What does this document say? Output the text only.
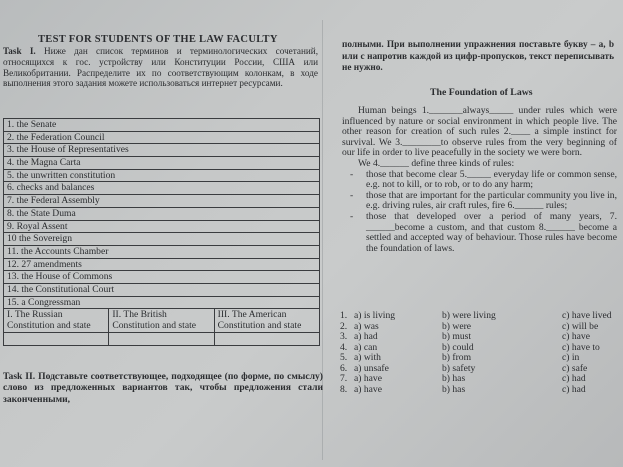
TEST FOR STUDENTS OF THE LAW FACULTY
Task I. Ниже дан список терминов и терминологических сочетаний, относящихся к гос. устройству или Конституции России, США или Великобритании. Распределите их по соответствующим колонкам, в ходе выполнения этого задания можете использоваться интернет ресурсами.
1. the Senate
2. the Federation Council
3. the House of Representatives
4. the Magna Carta
5. the unwritten constitution
6. checks and balances
7. the Federal Assembly
8. the State Duma
9. Royal Assent
10 the Sovereign
11. the Accounts Chamber
12. 27 amendments
13. the House of Commons
14. the Constitutional Court
15. a Congressman
I. The Russian Constitution and state	II. The British Constitution and state	III. The American Constitution and state

Task II. Подставьте соответствующее, подходящее (по форме, по смыслу) слово из предложенных вариантов так, чтобы предложения стали законченными,
полными. При выполнении упражнения поставьте букву – a, b или c напротив каждой из цифр-пропусков, текст переписывать не нужно.
The Foundation of Laws

Human beings 1._______always_____ under rules which were influenced by nature or social environment in which people live. The other reason for creation of such rules 2.____ a simple instinct for survival. We 3.________to observe rules from the very beginning of our life in order to live peacefully in the society we were born.

We 4.______ define three kinds of rules:

- those that become clear 5._____ everyday life or common sense, e.g. not to kill, or to rob, or to do any harm;
- those that are important for the particular community you live in, e.g. driving rules, air craft rules, fire 6.______ rules;
- those that developed over a period of many years, 7. ______become a custom, and that custom 8.______ become a settled and accepted way of behaviour. Those rules have become the foundation of laws.
1. a) is living	b) were living	c) have lived
2. a) was	b) were	c) will be
3. a) had	b) must	c) have
4. a) can	b) could	c) have to
5. a) with	b) from	c) in
6. a) unsafe	b) safety	c) safe
7. a) have	b) has	c) had
8. a) have	b) has	c) had
